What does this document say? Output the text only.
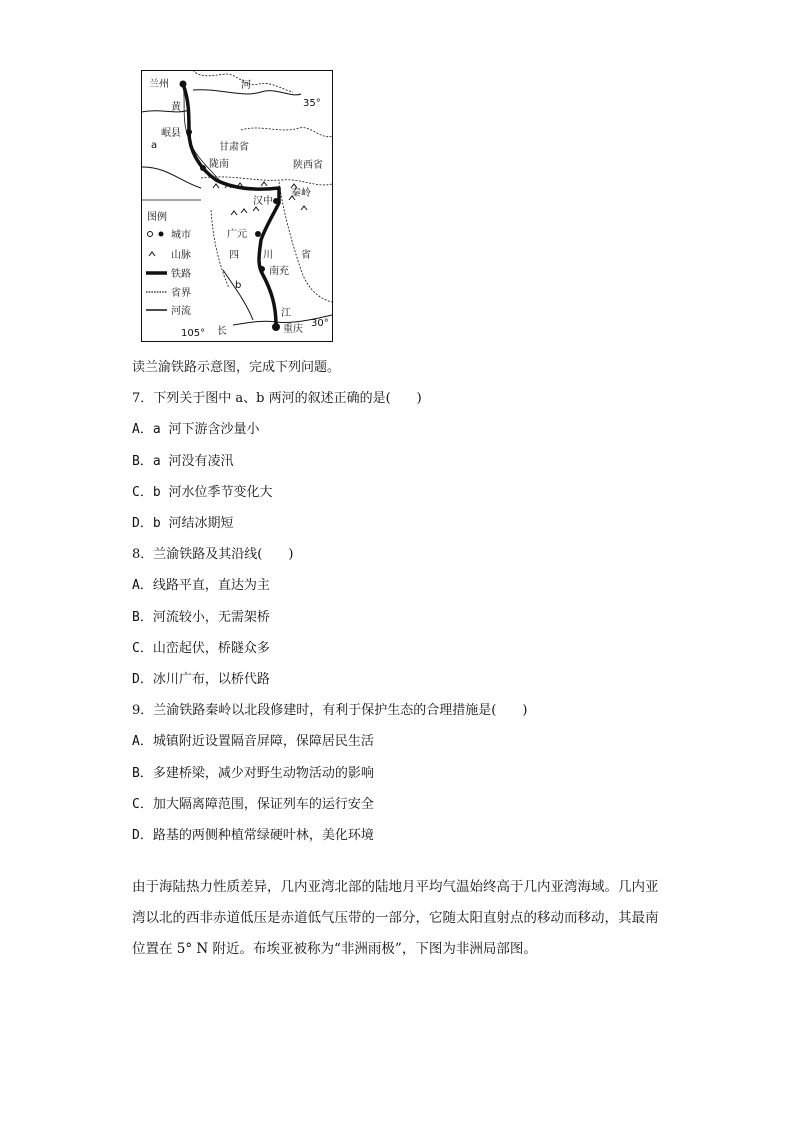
兰州	河
35°
黄
岷县
a	甘肃省
陇南	陕西省
秦岭
汉中
广元
四 川	省
南充
b
江
重庆
105° 长
30°
图例
城市
山脉
铁路
省界
河流
读兰渝铁路示意图，完成下列问题。
7．下列关于图中 a、b 两河的叙述正确的是(　　)
A．a 河下游含沙量小
B．a 河没有凌汛
C．b 河水位季节变化大
D．b 河结冰期短
8．兰渝铁路及其沿线(　　)
A．线路平直，直达为主
B．河流较小，无需架桥
C．山峦起伏，桥隧众多
D．冰川广布，以桥代路
9．兰渝铁路秦岭以北段修建时，有利于保护生态的合理措施是(　　)
A．城镇附近设置隔音屏障，保障居民生活
B．多建桥梁，减少对野生动物活动的影响
C．加大隔离障范围，保证列车的运行安全
D．路基的两侧种植常绿硬叶林，美化环境
由于海陆热力性质差异，几内亚湾北部的陆地月平均气温始终高于几内亚湾海域。几内亚湾以北的西非赤道低压是赤道低气压带的一部分，它随太阳直射点的移动而移动，其最南位置在 5° N 附近。布埃亚被称为“非洲雨极”，下图为非洲局部图。
